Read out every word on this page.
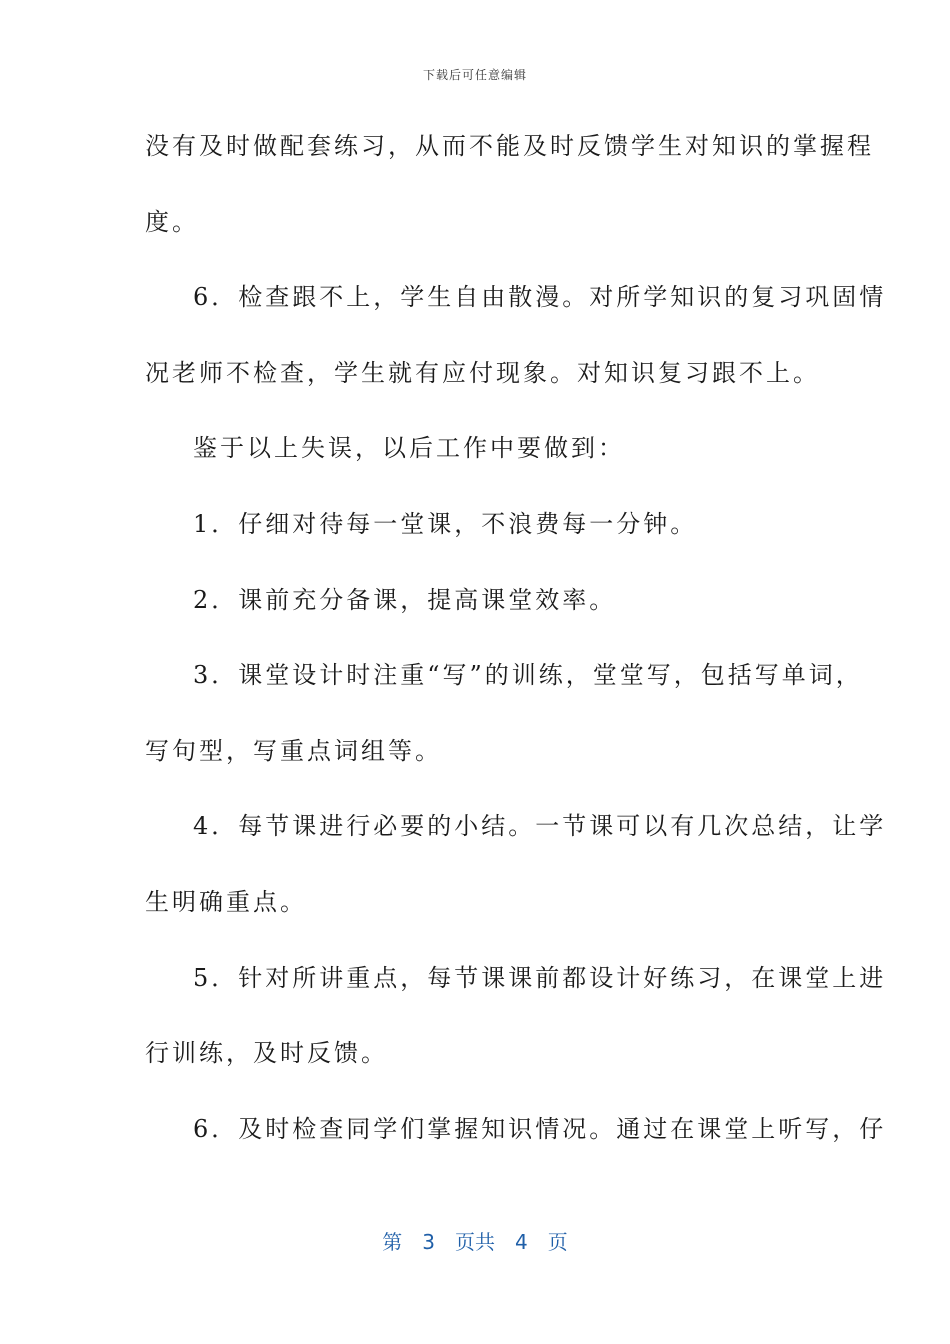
下载后可任意编辑
没有及时做配套练习，从而不能及时反馈学生对知识的掌握程
度。
6．检查跟不上，学生自由散漫。对所学知识的复习巩固情
况老师不检查，学生就有应付现象。对知识复习跟不上。
鉴于以上失误，以后工作中要做到：
1．仔细对待每一堂课，不浪费每一分钟。
2．课前充分备课，提高课堂效率。
3．课堂设计时注重“写”的训练，堂堂写，包括写单词，
写句型，写重点词组等。
4．每节课进行必要的小结。一节课可以有几次总结，让学
生明确重点。
5．针对所讲重点，每节课课前都设计好练习，在课堂上进
行训练，及时反馈。
6．及时检查同学们掌握知识情况。通过在课堂上听写，仔
第 3 页共 4 页
